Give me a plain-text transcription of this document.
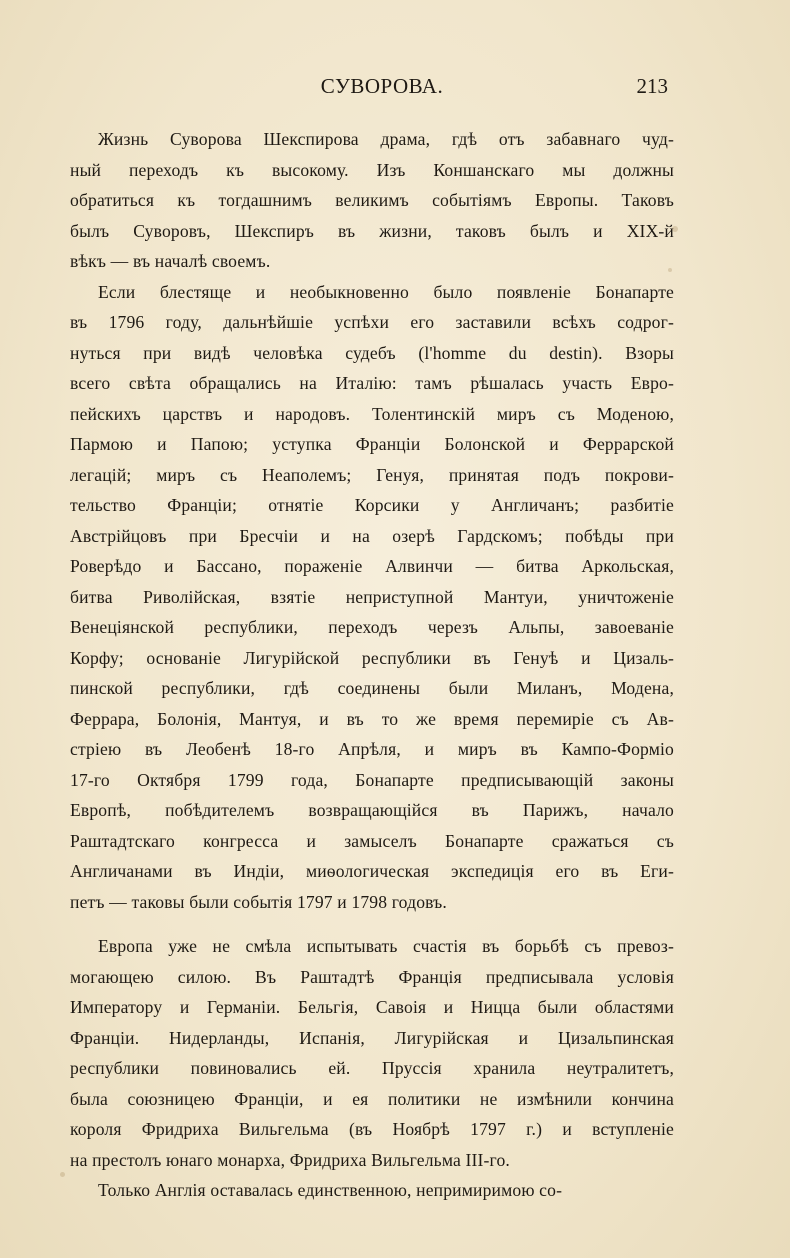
СУВОРОВА.	213
Жизнь Суворова Шекспирова драма, гдѣ отъ забавнаго чуд-
ный переходъ къ высокому. Изъ Коншанскаго мы должны
обратиться къ тогдашнимъ великимъ событiямъ Европы. Таковъ
былъ Суворовъ, Шекспиръ въ жизни, таковъ былъ и XIX-й
вѣкъ — въ началѣ своемъ.
Если блестяще и необыкновенно было появленiе Бонапарте
въ 1796 году, дальнѣйшiе успѣхи его заставили всѣхъ содрог-
нуться при видѣ человѣка судебъ (l'homme du destin). Взоры
всего свѣта обращались на Италiю: тамъ рѣшалась участь Евро-
пейскихъ царствъ и народовъ. Толентинскiй миръ съ Моденою,
Пармою и Папою; уступка Францiи Болонской и Феррарской
легацiй; миръ съ Неаполемъ; Генуя, принятая подъ покрови-
тельство Францiи; отнятiе Корсики у Англичанъ; разбитiе
Австрiйцовъ при Бресчiи и на озерѣ Гардскомъ; побѣды при
Роверѣдо и Бассано, пораженiе Алвинчи — битва Аркольская,
битва Риволiйская, взятiе неприступной Мантуи, уничтоженiе
Венецiянской республики, переходъ черезъ Альпы, завоеванiе
Корфу; основанiе Лигурiйской республики въ Генуѣ и Цизаль-
пинской республики, гдѣ соединены были Миланъ, Модена,
Феррара, Болонiя, Мантуя, и въ то же время перемирiе съ Ав-
стрiею въ Леобенѣ 18-го Апрѣля, и миръ въ Кампо-Формiо
17-го Октября 1799 года, Бонапарте предписывающiй законы
Европѣ, побѣдителемъ возвращающiйся въ Парижъ, начало
Раштадтскаго конгресса и замыселъ Бонапарте сражаться съ
Англичанами въ Индiи, миѳологическая экспедицiя его въ Еги-
петъ — таковы были событiя 1797 и 1798 годовъ.
Европа уже не смѣла испытывать счастiя въ борьбѣ съ превоз-
могающею силою. Въ Раштадтѣ Францiя предписывала условiя
Императору и Германiи. Бельгiя, Савоiя и Ницца были областями
Францiи. Нидерланды, Испанiя, Лигурiйская и Цизальпинская
республики повиновались ей. Пруссiя хранила неутралитетъ,
была союзницею Францiи, и ея политики не измѣнили кончина
короля Фридриха Вильгельма (въ Ноябрѣ 1797 г.) и вступленiе
на престолъ юнаго монарха, Фридриха Вильгельма III-го.
Только Англiя оставалась единственною, непримиримою со-
